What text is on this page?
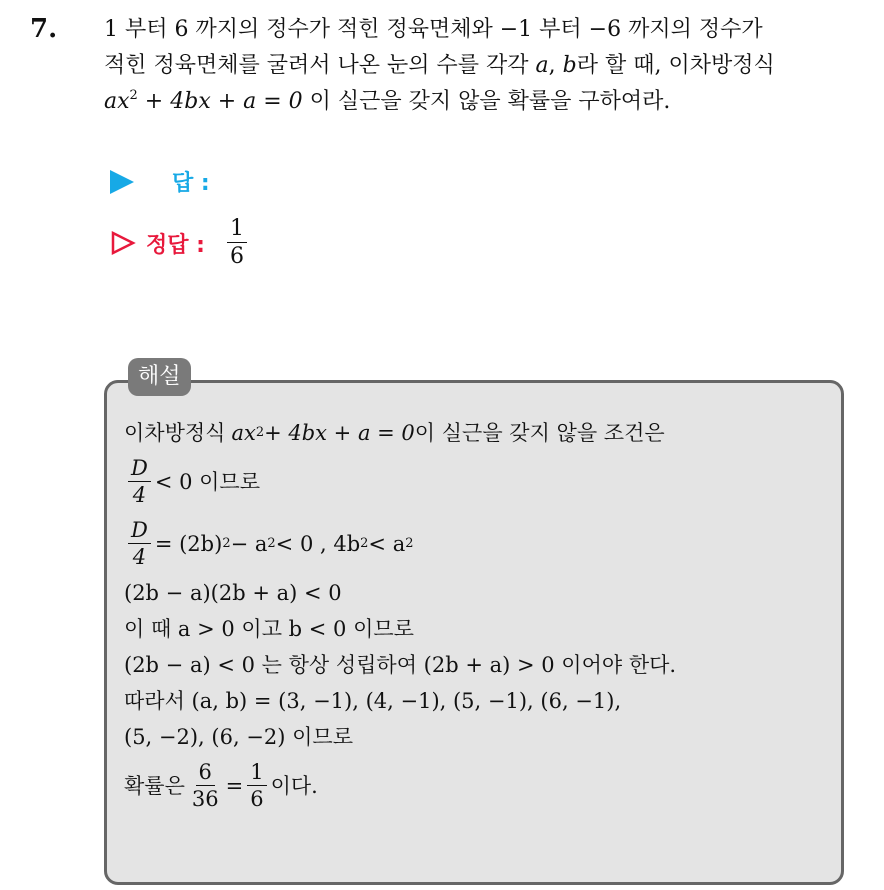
7. 1 부터 6 까지의 정수가 적힌 정육면체와 −1 부터 −6 까지의 정수가
적힌 정육면체를 굴려서 나온 눈의 수를 각각 a, b라 할 때, 이차방정식
$ax^2 + 4bx + a = 0$ 이 실근을 갖지 않을 확률을 구하여라.
답 :
정답 : $\frac{1}{6}$
해설
이차방정식 ax 2 + 4bx + a = 0 이 실근을 갖지 않을 조건은
$\frac{D}{4} < 0$ 이므로
$\frac{D}{4} = (2b) 2 - a$ 2 < 0 , 4b 2 < a 2
(2b − a)(2b + a) < 0
이 때 a > 0 이고 b < 0 이므로
(2b − a) < 0 는 항상 성립하여 (2b + a) > 0 이어야 한다.
따라서 (a, b) = (3, −1), (4, −1), (5, −1), (6, −1),
(5, −2), (6, −2) 이므로
확률은 $\frac{6}{36} = \frac{1}{6}$ 이다.
